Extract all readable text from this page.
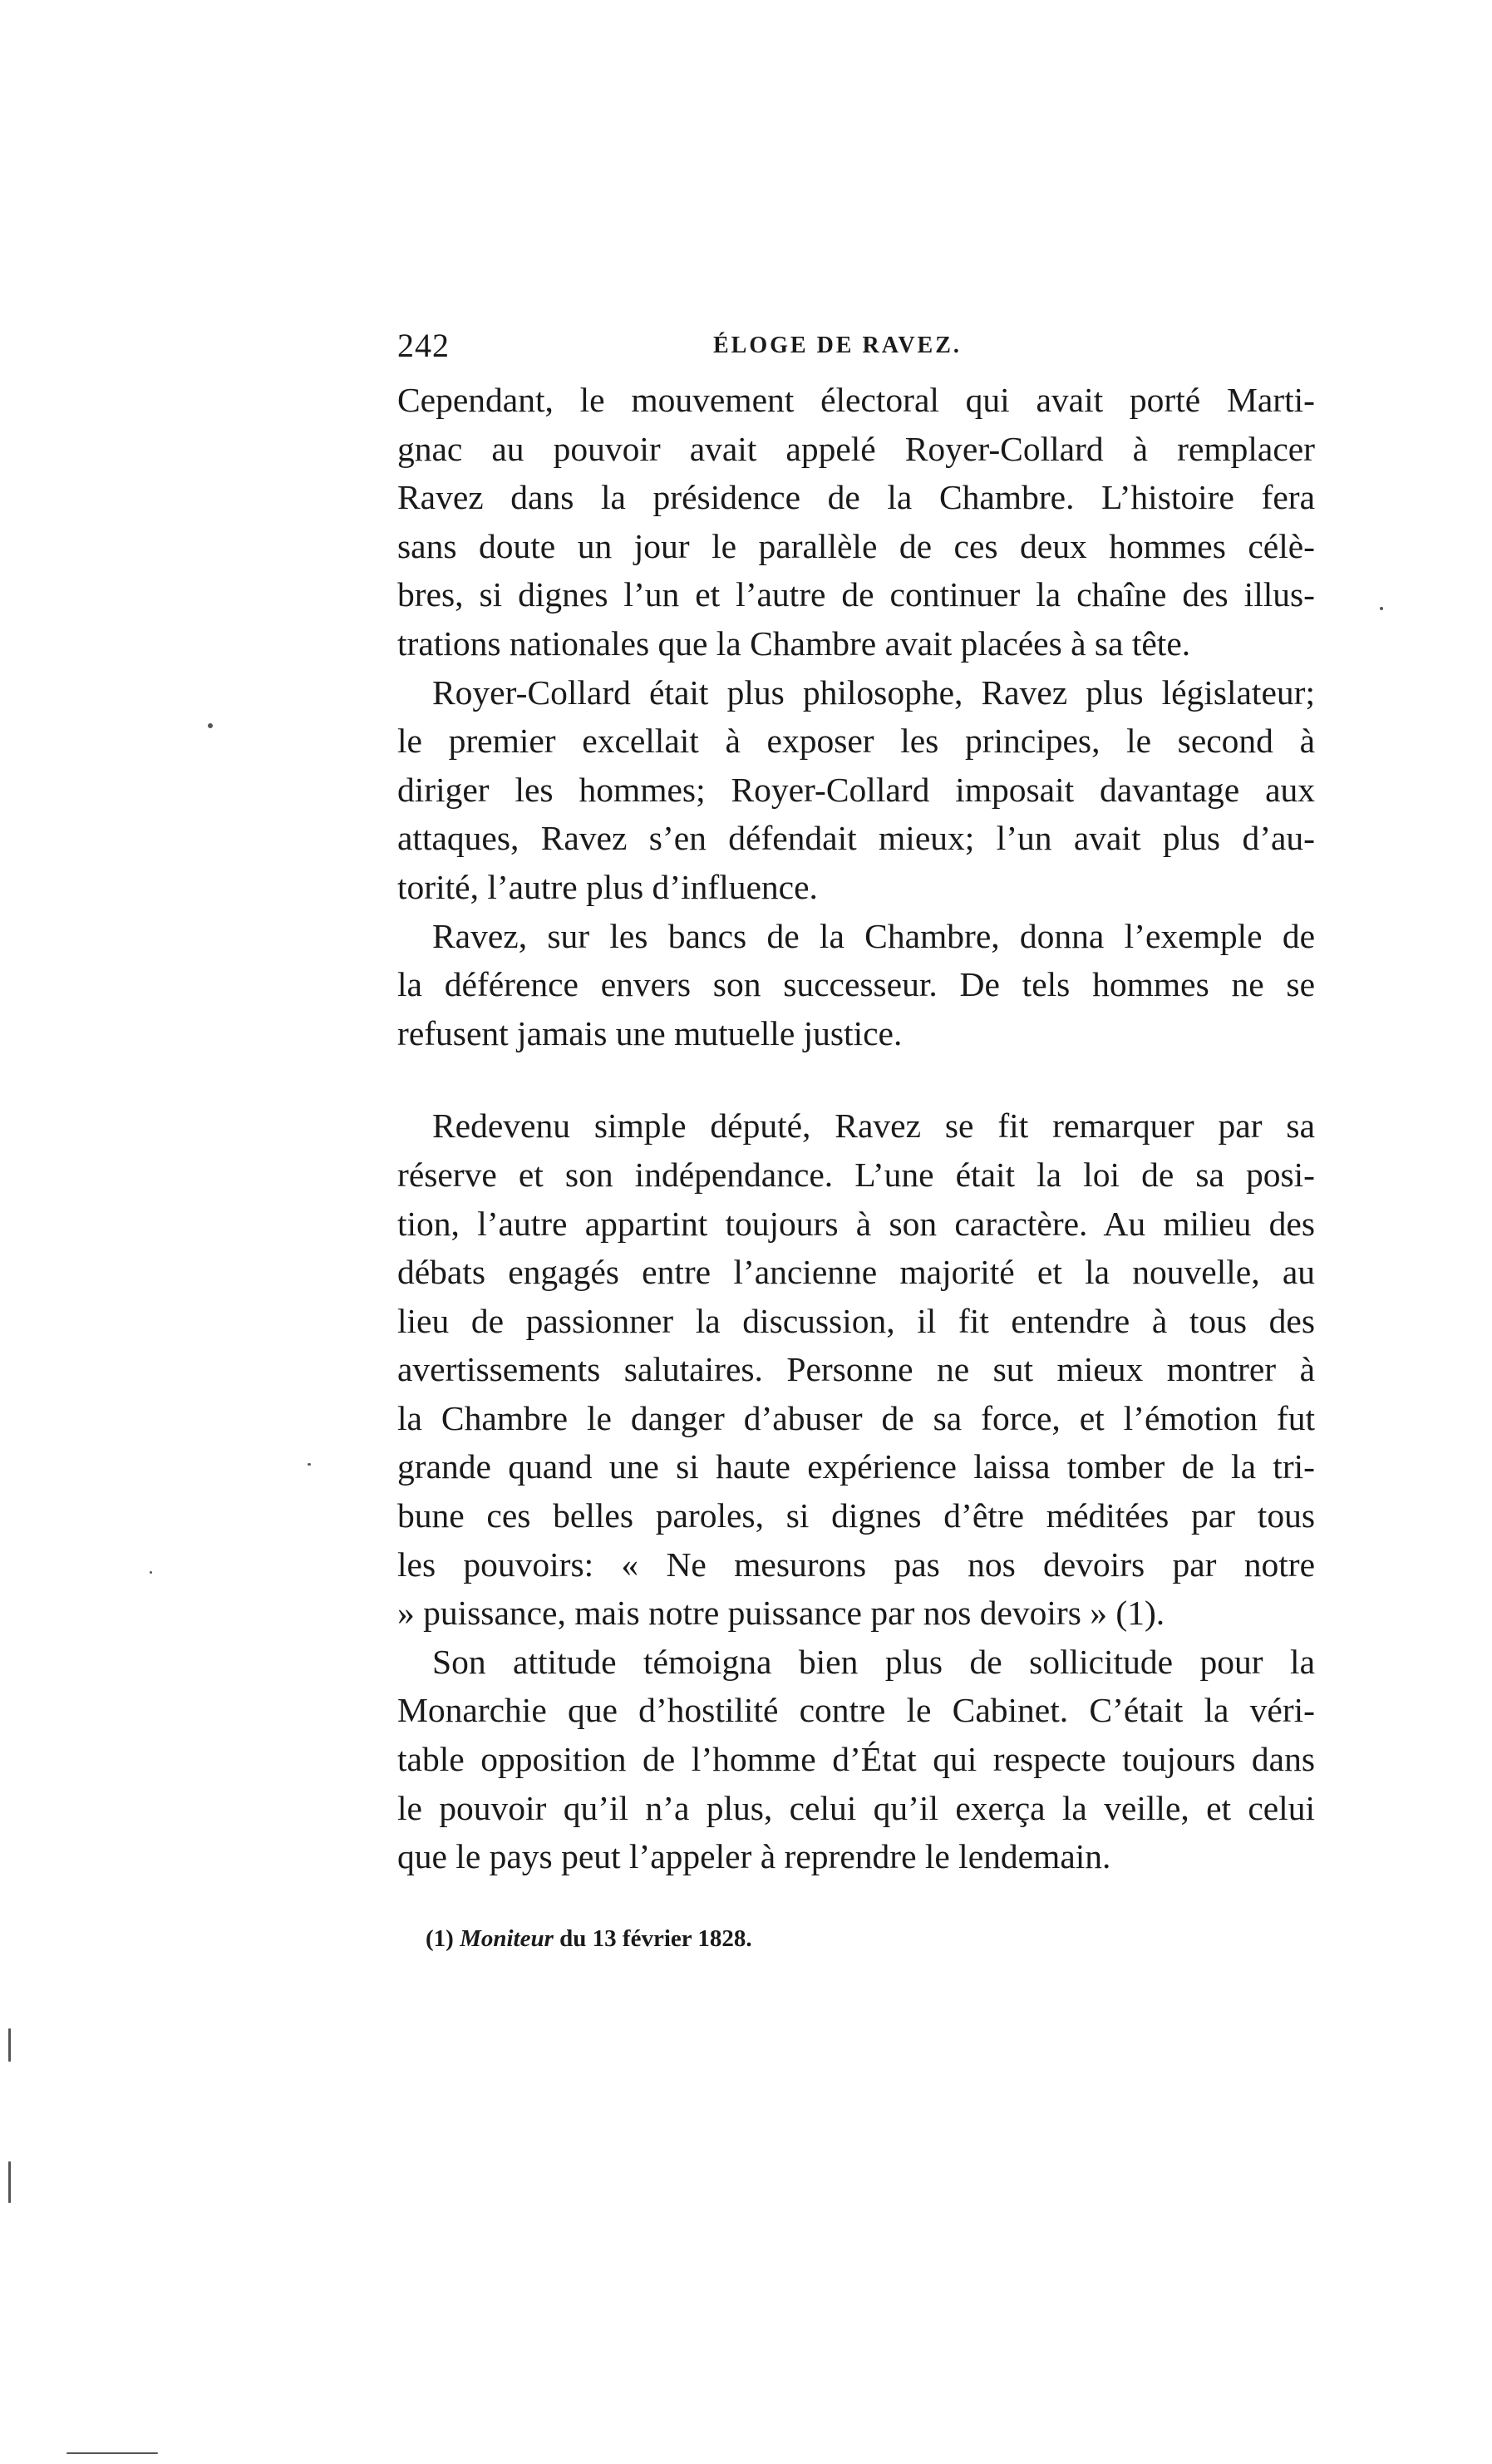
242	ÉLOGE DE RAVEZ.
Cependant, le mouvement électoral qui avait porté Marti-
gnac au pouvoir avait appelé Royer-Collard à remplacer
Ravez dans la présidence de la Chambre. L’histoire fera
sans doute un jour le parallèle de ces deux hommes célè-
bres, si dignes l’un et l’autre de continuer la chaîne des illus-
trations nationales que la Chambre avait placées à sa tête.
Royer-Collard était plus philosophe, Ravez plus législateur;
le premier excellait à exposer les principes, le second à
diriger les hommes; Royer-Collard imposait davantage aux
attaques, Ravez s’en défendait mieux; l’un avait plus d’au-
torité, l’autre plus d’influence.
Ravez, sur les bancs de la Chambre, donna l’exemple de
la déférence envers son successeur. De tels hommes ne se
refusent jamais une mutuelle justice.
Redevenu simple député, Ravez se fit remarquer par sa
réserve et son indépendance. L’une était la loi de sa posi-
tion, l’autre appartint toujours à son caractère. Au milieu des
débats engagés entre l’ancienne majorité et la nouvelle, au
lieu de passionner la discussion, il fit entendre à tous des
avertissements salutaires. Personne ne sut mieux montrer à
la Chambre le danger d’abuser de sa force, et l’émotion fut
grande quand une si haute expérience laissa tomber de la tri-
bune ces belles paroles, si dignes d’être méditées par tous
les pouvoirs: « Ne mesurons pas nos devoirs par notre
» puissance, mais notre puissance par nos devoirs » (1).
Son attitude témoigna bien plus de sollicitude pour la
Monarchie que d’hostilité contre le Cabinet. C’était la véri-
table opposition de l’homme d’État qui respecte toujours dans
le pouvoir qu’il n’a plus, celui qu’il exerça la veille, et celui
que le pays peut l’appeler à reprendre le lendemain.
(1) Moniteur du 13 février 1828.
